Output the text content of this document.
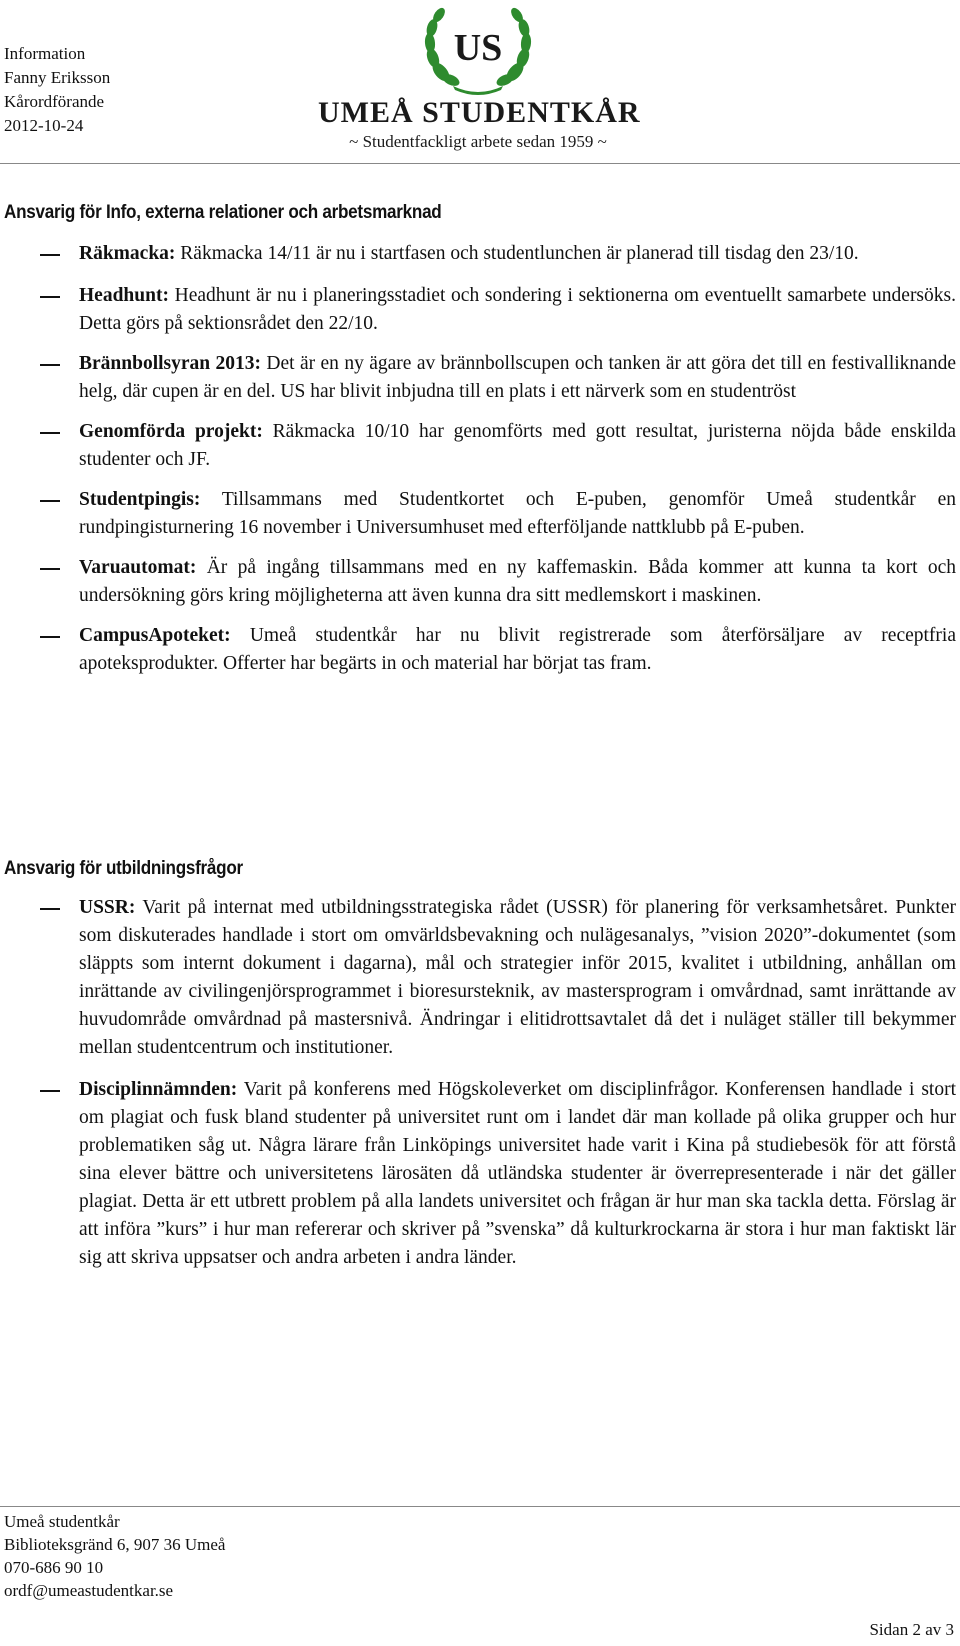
Information
Fanny Eriksson
Kårordförande
2012-10-24
US
UMEÅ STUDENTKÅR
~ Studentfackligt arbete sedan 1959 ~
Ansvarig för Info, externa relationer och arbetsmarknad
Räkmacka: Räkmacka 14/11 är nu i startfasen och studentlunchen är planerad till tisdag den 23/10.
Headhunt: Headhunt är nu i planeringsstadiet och sondering i sektionerna om eventuellt samarbete undersöks. Detta görs på sektionsrådet den 22/10.
Brännbollsyran 2013: Det är en ny ägare av brännbollscupen och tanken är att göra det till en festivalliknande helg, där cupen är en del. US har blivit inbjudna till en plats i ett närverk som en studentröst
Genomförda projekt: Räkmacka 10/10 har genomförts med gott resultat, juristerna nöjda både enskilda studenter och JF.
Studentpingis: Tillsammans med Studentkortet och E-puben, genomför Umeå studentkår en rundpingisturnering 16 november i Universumhuset med efterföljande nattklubb på E-puben.
Varuautomat: Är på ingång tillsammans med en ny kaffemaskin. Båda kommer att kunna ta kort och undersökning görs kring möjligheterna att även kunna dra sitt medlemskort i maskinen.
CampusApoteket: Umeå studentkår har nu blivit registrerade som återförsäljare av receptfria apoteksprodukter. Offerter har begärts in och material har börjat tas fram.
Ansvarig för utbildningsfrågor
USSR: Varit på internat med utbildningsstrategiska rådet (USSR) för planering för verksamhetsåret. Punkter som diskuterades handlade i stort om omvärldsbevakning och nulägesanalys, ”vision 2020”-dokumentet (som släppts som internt dokument i dagarna), mål och strategier inför 2015, kvalitet i utbildning, anhållan om inrättande av civilingenjörsprogrammet i bioresursteknik, av mastersprogram i omvårdnad, samt inrättande av huvudområde omvårdnad på mastersnivå. Ändringar i elitidrottsavtalet då det i nuläget ställer till bekymmer mellan studentcentrum och institutioner.
Disciplinnämnden: Varit på konferens med Högskoleverket om disciplinfrågor. Konferensen handlade i stort om plagiat och fusk bland studenter på universitet runt om i landet där man kollade på olika grupper och hur problematiken såg ut. Några lärare från Linköpings universitet hade varit i Kina på studiebesök för att förstå sina elever bättre och universitetens lärosäten då utländska studenter är överrepresenterade i när det gäller plagiat. Detta är ett utbrett problem på alla landets universitet och frågan är hur man ska tackla detta. Förslag är att införa ”kurs” i hur man refererar och skriver på ”svenska” då kulturkrockarna är stora i hur man faktiskt lär sig att skriva uppsatser och andra arbeten i andra länder.
Umeå studentkår
Biblioteksgränd 6, 907 36 Umeå
070-686 90 10
ordf@umeastudentkar.se
Sidan 2 av 3
